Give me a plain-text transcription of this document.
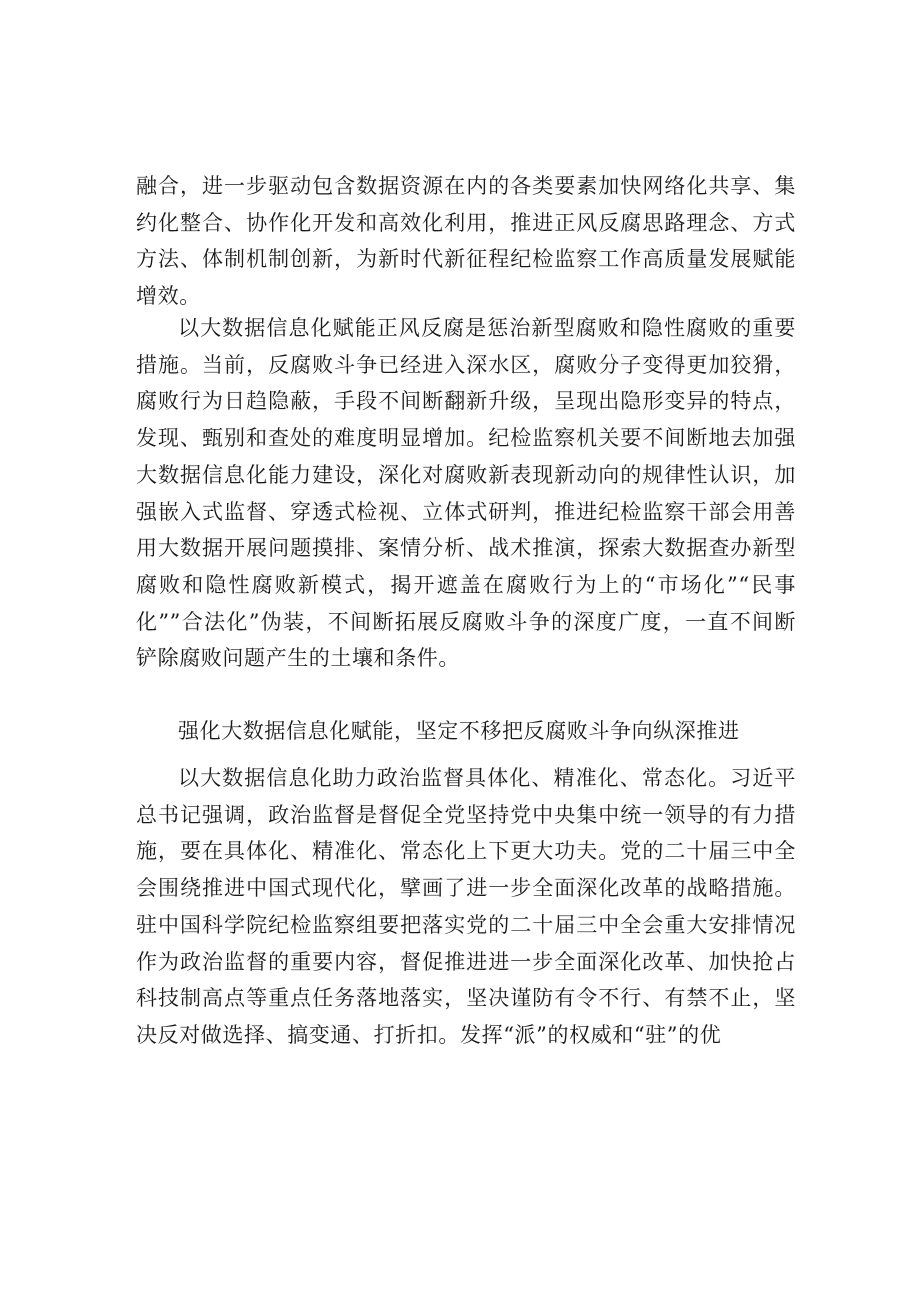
融合，进一步驱动包含数据资源在内的各类要素加快网络化共享、集约化整合、协作化开发和高效化利用，推进正风反腐思路理念、方式方法、体制机制创新，为新时代新征程纪检监察工作高质量发展赋能增效。

以大数据信息化赋能正风反腐是惩治新型腐败和隐性腐败的重要措施。当前，反腐败斗争已经进入深水区，腐败分子变得更加狡猾，腐败行为日趋隐蔽，手段不间断翻新升级，呈现出隐形变异的特点，发现、甄别和查处的难度明显增加。纪检监察机关要不间断地去加强大数据信息化能力建设，深化对腐败新表现新动向的规律性认识，加强嵌入式监督、穿透式检视、立体式研判，推进纪检监察干部会用善用大数据开展问题摸排、案情分析、战术推演，探索大数据查办新型腐败和隐性腐败新模式，揭开遮盖在腐败行为上的“市场化”“民事化””合法化”伪装，不间断拓展反腐败斗争的深度广度，一直不间断铲除腐败问题产生的土壤和条件。

强化大数据信息化赋能，坚定不移把反腐败斗争向纵深推进

以大数据信息化助力政治监督具体化、精准化、常态化。习近平总书记强调，政治监督是督促全党坚持党中央集中统一领导的有力措施，要在具体化、精准化、常态化上下更大功夫。党的二十届三中全会围绕推进中国式现代化，擘画了进一步全面深化改革的战略措施。驻中国科学院纪检监察组要把落实党的二十届三中全会重大安排情况作为政治监督的重要内容，督促推进进一步全面深化改革、加快抢占科技制高点等重点任务落地落实，坚决谨防有令不行、有禁不止，坚决反对做选择、搞变通、打折扣。发挥“派”的权威和“驻”的优
